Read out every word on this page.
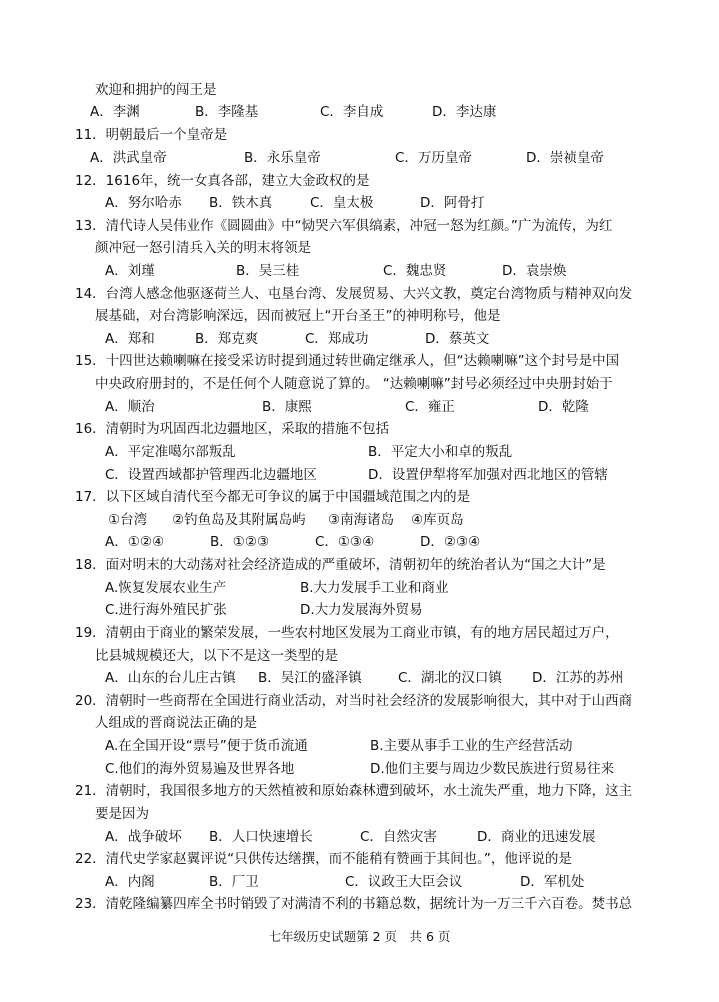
欢迎和拥护的闯王是
A．李渊	B．李隆基	C．李自成	D．李达康
11．明朝最后一个皇帝是
A．洪武皇帝	B．永乐皇帝	C．万历皇帝	D．崇祯皇帝
12．1616年，统一女真各部，建立大金政权的是
A．努尔哈赤 B．铁木真	C．皇太极	D．阿骨打
13．清代诗人吴伟业作《圆圆曲》中“恸哭六军俱缟素，冲冠一怒为红颜。”广为流传，为红
颜冲冠一怒引清兵入关的明末将领是
A．刘瑾	B．吴三桂	C．魏忠贤	D．袁崇焕
14．台湾人感念他驱逐荷兰人、屯垦台湾、发展贸易、大兴文教，奠定台湾物质与精神双向发
展基础，对台湾影响深远，因而被冠上“开台圣王”的神明称号，他是
A．郑和	B．郑克爽	C．郑成功	D．蔡英文
15．十四世达赖喇嘛在接受采访时提到通过转世确定继承人，但“达赖喇嘛”这个封号是中国
中央政府册封的，不是任何个人随意说了算的。 “达赖喇嘛”封号必须经过中央册封始于
A．顺治	B．康熙	C．雍正	D．乾隆
16．清朝时为巩固西北边疆地区，采取的措施不包括
A．平定准噶尔部叛乱	B．平定大小和卓的叛乱
C．设置西域都护管理西北边疆地区	D．设置伊犁将军加强对西北地区的管辖
17．以下区域自清代至今都无可争议的属于中国疆域范围之内的是
①台湾 ②钓鱼岛及其附属岛屿 ③南海诸岛 ④库页岛
A．①②④	B．①②③	C．①③④	D．②③④
18．面对明末的大动荡对社会经济造成的严重破坏，清朝初年的统治者认为“国之大计”是
A.恢复发展农业生产	B.大力发展手工业和商业
C.进行海外殖民扩张	D.大力发展海外贸易
19．清朝由于商业的繁荣发展，一些农村地区发展为工商业市镇，有的地方居民超过万户，
比县城规模还大，以下不是这一类型的是
A．山东的台儿庄古镇 B．吴江的盛泽镇	C．湖北的汉口镇 D．江苏的苏州
20．清朝时一些商帮在全国进行商业活动，对当时社会经济的发展影响很大，其中对于山西商
人组成的晋商说法正确的是
A.在全国开设“票号”便于货币流通	B.主要从事手工业的生产经营活动
C.他们的海外贸易遍及世界各地	D.他们主要与周边少数民族进行贸易往来
21．清朝时，我国很多地方的天然植被和原始森林遭到破坏，水土流失严重，地力下降，这主
要是因为
A．战争破坏 B．人口快速增长	C．自然灾害	D．商业的迅速发展
22．清代史学家赵翼评说“只供传达缮撰，而不能稍有赞画于其间也。”，他评说的是
A．内阁	B．厂卫	C．议政王大臣会议	D．军机处
23．清乾隆编纂四库全书时销毁了对满清不利的书籍总数，据统计为一万三千六百卷。焚书总
七年级历史试题第 2 页　共 6 页
